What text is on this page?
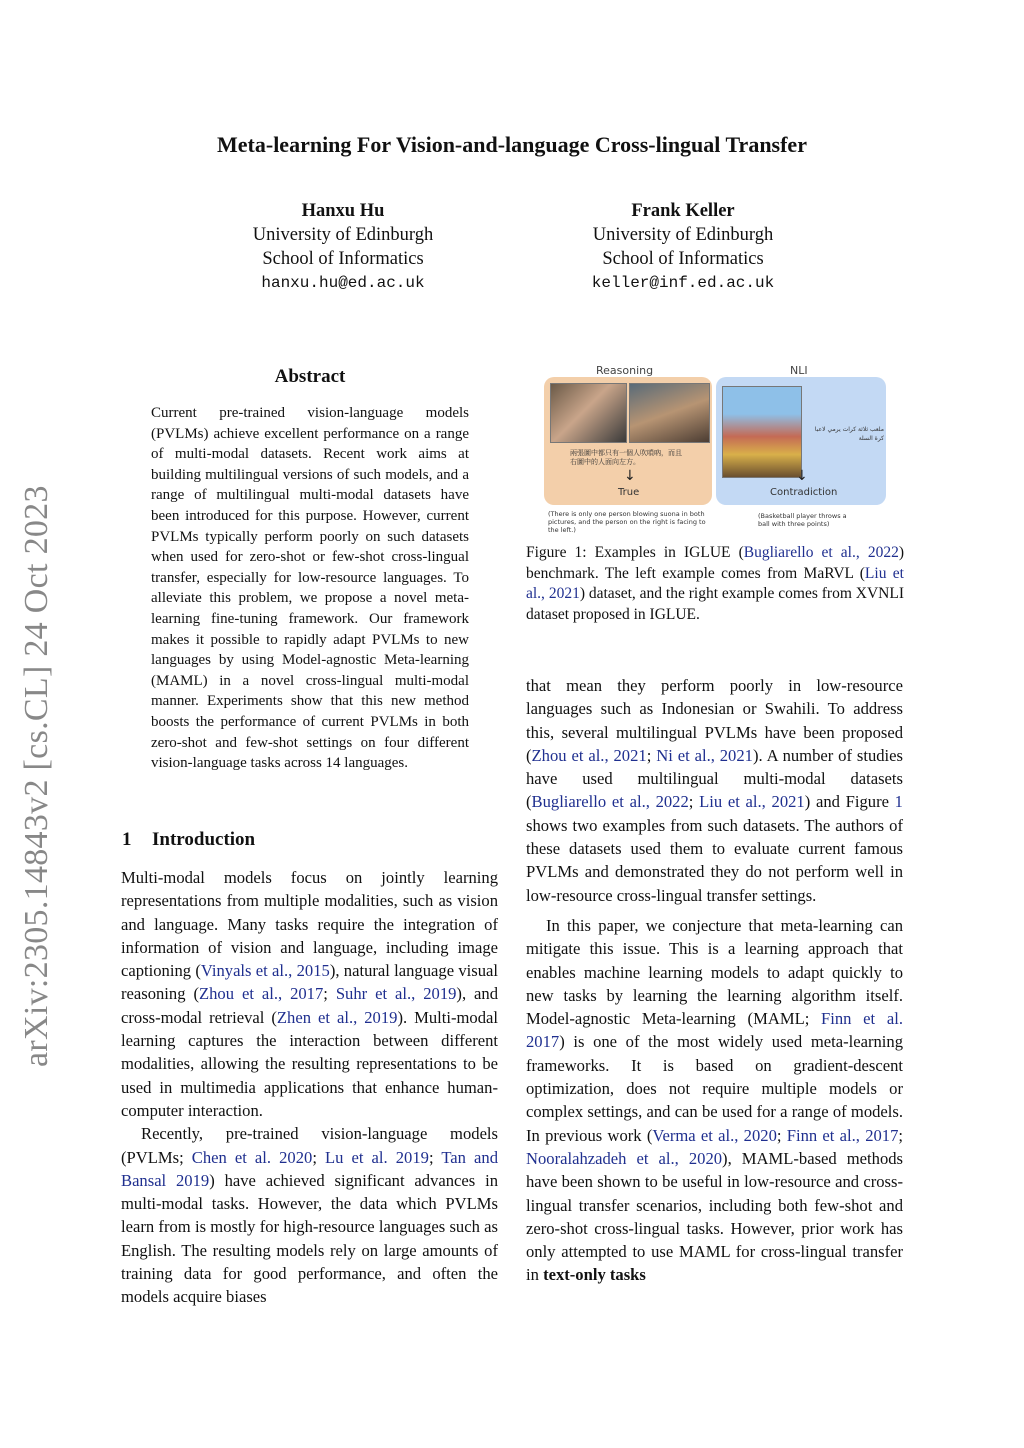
Meta-learning For Vision-and-language Cross-lingual Transfer
Hanxu Hu
University of Edinburgh
School of Informatics
hanxu.hu@ed.ac.uk
Frank Keller
University of Edinburgh
School of Informatics
keller@inf.ed.ac.uk
arXiv:2305.14843v2 [cs.CL] 24 Oct 2023
Abstract
Current pre-trained vision-language models (PVLMs) achieve excellent performance on a range of multi-modal datasets. Recent work aims at building multilingual versions of such models, and a range of multilingual multi-modal datasets have been introduced for this purpose. However, current PVLMs typically perform poorly on such datasets when used for zero-shot or few-shot cross-lingual transfer, especially for low-resource languages. To alleviate this problem, we propose a novel meta-learning fine-tuning framework. Our framework makes it possible to rapidly adapt PVLMs to new languages by using Model-agnostic Meta-learning (MAML) in a novel cross-lingual multi-modal manner. Experiments show that this new method boosts the performance of current PVLMs in both zero-shot and few-shot settings on four different vision-language tasks across 14 languages.
1 Introduction

Multi-modal models focus on jointly learning representations from multiple modalities, such as vision and language. Many tasks require the integration of information of vision and language, including image captioning (Vinyals et al., 2015), natural language visual reasoning (Zhou et al., 2017; Suhr et al., 2019), and cross-modal retrieval (Zhen et al., 2019). Multi-modal learning captures the interaction between different modalities, allowing the resulting representations to be used in multimedia applications that enhance human-computer interaction.

Recently, pre-trained vision-language models (PVLMs; Chen et al. 2020; Lu et al. 2019; Tan and Bansal 2019) have achieved significant advances in multi-modal tasks. However, the data which PVLMs learn from is mostly for high-resource languages such as English. The resulting models rely on large amounts of training data for good performance, and often the models acquire biases

Reasoning	NLI
兩張圖中都只有一個人吹嗩吶，而且右圖中的人面向左方。
↓
True
ملعب ثلاثة كرات يرمي لاعبا كرة السلة
↓
Contradiction
(There is only one person blowing suona in both pictures, and the person on the right is facing to the left.)
(Basketball player throws a ball with three points)
Figure 1: Examples in IGLUE (Bugliarello et al., 2022) benchmark. The left example comes from MaRVL (Liu et al., 2021) dataset, and the right example comes from XVNLI dataset proposed in IGLUE.

that mean they perform poorly in low-resource languages such as Indonesian or Swahili. To address this, several multilingual PVLMs have been proposed (Zhou et al., 2021; Ni et al., 2021). A number of studies have used multilingual multi-modal datasets (Bugliarello et al., 2022; Liu et al., 2021) and Figure 1 shows two examples from such datasets. The authors of these datasets used them to evaluate current famous PVLMs and demonstrated they do not perform well in low-resource cross-lingual transfer settings.

In this paper, we conjecture that meta-learning can mitigate this issue. This is a learning approach that enables machine learning models to adapt quickly to new tasks by learning the learning algorithm itself. Model-agnostic Meta-learning (MAML; Finn et al. 2017) is one of the most widely used meta-learning frameworks. It is based on gradient-descent optimization, does not require multiple models or complex settings, and can be used for a range of models. In previous work (Verma et al., 2020; Finn et al., 2017; Nooralahzadeh et al., 2020), MAML-based methods have been shown to be useful in low-resource and cross-lingual transfer scenarios, including both few-shot and zero-shot cross-lingual tasks. However, prior work has only attempted to use MAML for cross-lingual transfer in text-only tasks
